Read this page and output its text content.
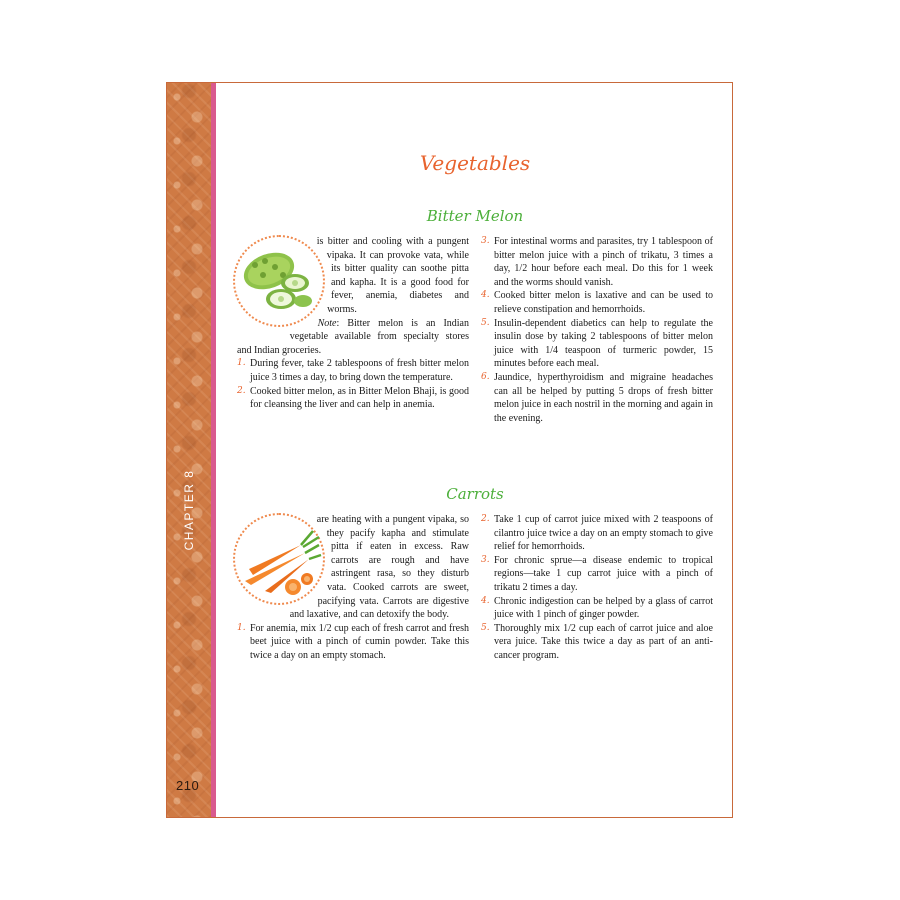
CHAPTER 8
210
Vegetables
Bitter Melon

is bitter and cooling with a pungent vipaka. It can provoke vata, while its bitter quality can soothe pitta and kapha. It is a good food for fever, anemia, diabetes and worms.

Note: Bitter melon is an Indian vegetable available from specialty stores and Indian groceries.

1. During fever, take 2 tablespoons of fresh bitter melon juice 3 times a day, to bring down the temperature.
2. Cooked bitter melon, as in Bitter Melon Bhaji, is good for cleansing the liver and can help in anemia.
3. For intestinal worms and parasites, try 1 tablespoon of bitter melon juice with a pinch of trikatu, 3 times a day, 1/2 hour before each meal. Do this for 1 week and the worms should vanish.
4. Cooked bitter melon is laxative and can be used to relieve constipation and hemorrhoids.
5. Insulin-dependent diabetics can help to regulate the insulin dose by taking 2 tablespoons of bitter melon juice with 1/4 teaspoon of turmeric powder, 15 minutes before each meal.
6. Jaundice, hyperthyroidism and migraine headaches can all be helped by putting 5 drops of fresh bitter melon juice in each nostril in the morning and again in the evening.
Carrots

are heating with a pungent vipaka, so they pacify kapha and stimulate pitta if eaten in excess. Raw carrots are rough and have astringent rasa, so they disturb vata. Cooked carrots are sweet, pacifying vata. Carrots are digestive and laxative, and can detoxify the body.

1. For anemia, mix 1/2 cup each of fresh carrot and fresh beet juice with a pinch of cumin powder. Take this twice a day on an empty stomach.
2. Take 1 cup of carrot juice mixed with 2 teaspoons of cilantro juice twice a day on an empty stomach to give relief for hemorrhoids.
3. For chronic sprue—a disease endemic to tropical regions—take 1 cup carrot juice with a pinch of trikatu 2 times a day.
4. Chronic indigestion can be helped by a glass of carrot juice with 1 pinch of ginger powder.
5. Thoroughly mix 1/2 cup each of carrot juice and aloe vera juice. Take this twice a day as part of an anti-cancer program.
